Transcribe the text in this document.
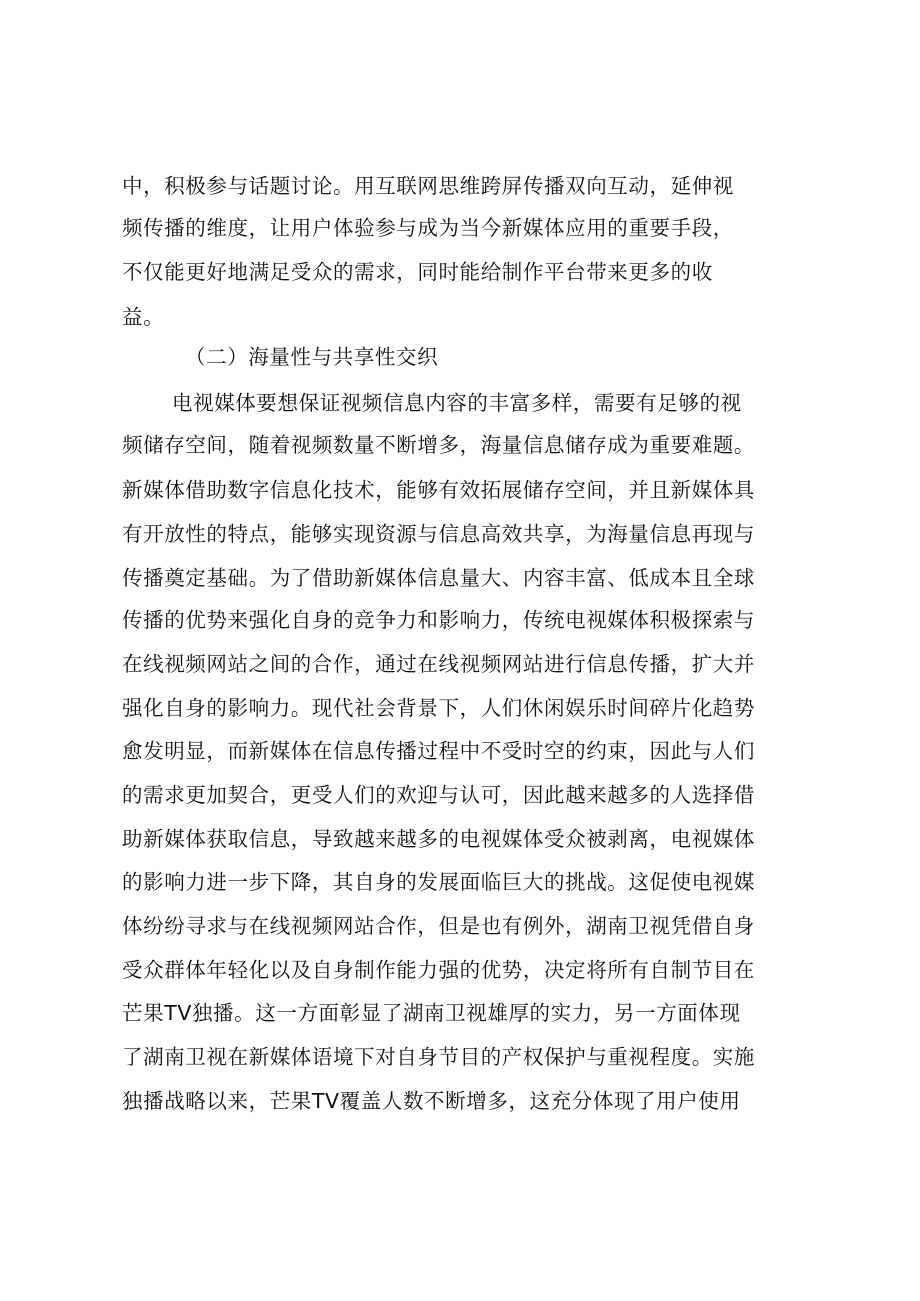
中，积极参与话题讨论。用互联网思维跨屏传播双向互动，延伸视
频传播的维度，让用户体验参与成为当今新媒体应用的重要手段，
不仅能更好地满足受众的需求，同时能给制作平台带来更多的收
益。
（二）海量性与共享性交织
电视媒体要想保证视频信息内容的丰富多样，需要有足够的视
频储存空间，随着视频数量不断增多，海量信息储存成为重要难题。
新媒体借助数字信息化技术，能够有效拓展储存空间，并且新媒体具
有开放性的特点，能够实现资源与信息高效共享，为海量信息再现与
传播奠定基础。为了借助新媒体信息量大、内容丰富、低成本且全球
传播的优势来强化自身的竞争力和影响力，传统电视媒体积极探索与
在线视频网站之间的合作，通过在线视频网站进行信息传播，扩大并
强化自身的影响力。现代社会背景下，人们休闲娱乐时间碎片化趋势
愈发明显，而新媒体在信息传播过程中不受时空的约束，因此与人们
的需求更加契合，更受人们的欢迎与认可，因此越来越多的人选择借
助新媒体获取信息，导致越来越多的电视媒体受众被剥离，电视媒体
的影响力进一步下降，其自身的发展面临巨大的挑战。这促使电视媒
体纷纷寻求与在线视频网站合作，但是也有例外，湖南卫视凭借自身
受众群体年轻化以及自身制作能力强的优势，决定将所有自制节目在
芒果TV独播。这一方面彰显了湖南卫视雄厚的实力，另一方面体现
了湖南卫视在新媒体语境下对自身节目的产权保护与重视程度。实施
独播战略以来，芒果TV覆盖人数不断增多，这充分体现了用户使用
